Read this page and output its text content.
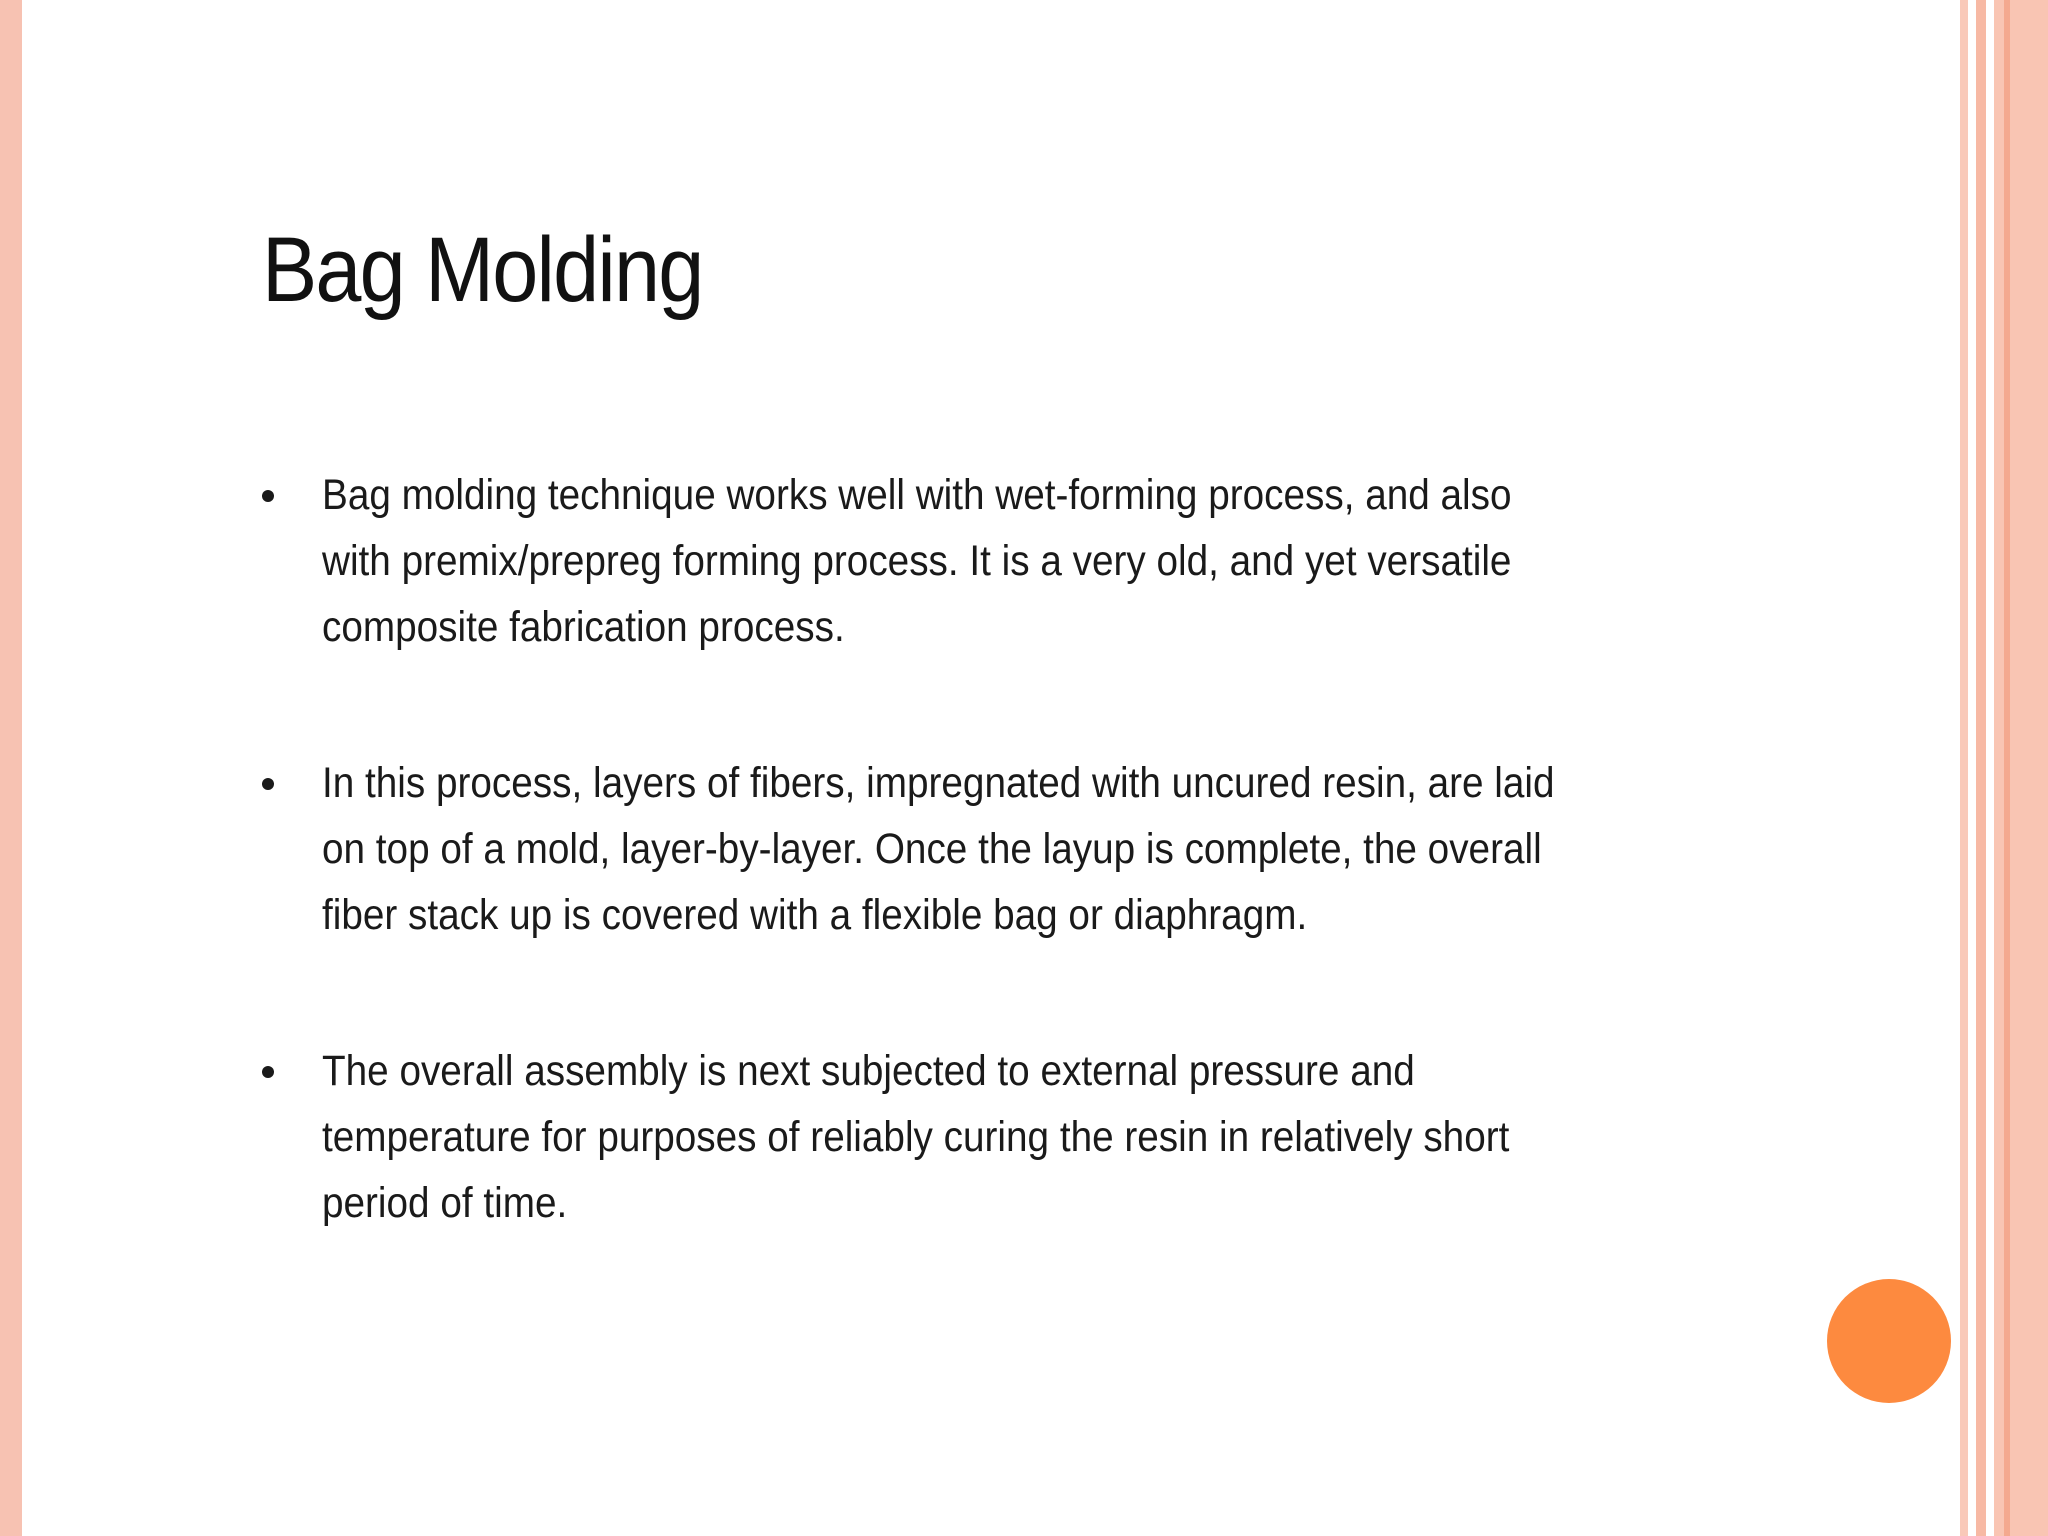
Bag Molding
Bag molding technique works well with wet-forming process, and also with premix/prepreg forming process. It is a very old, and yet versatile composite fabrication process.
In this process, layers of fibers, impregnated with uncured resin, are laid on top of a mold, layer-by-layer. Once the layup is complete, the overall fiber stack up is covered with a flexible bag or diaphragm.
The overall assembly is next subjected to external pressure and temperature for purposes of reliably curing the resin in relatively short period of time.
